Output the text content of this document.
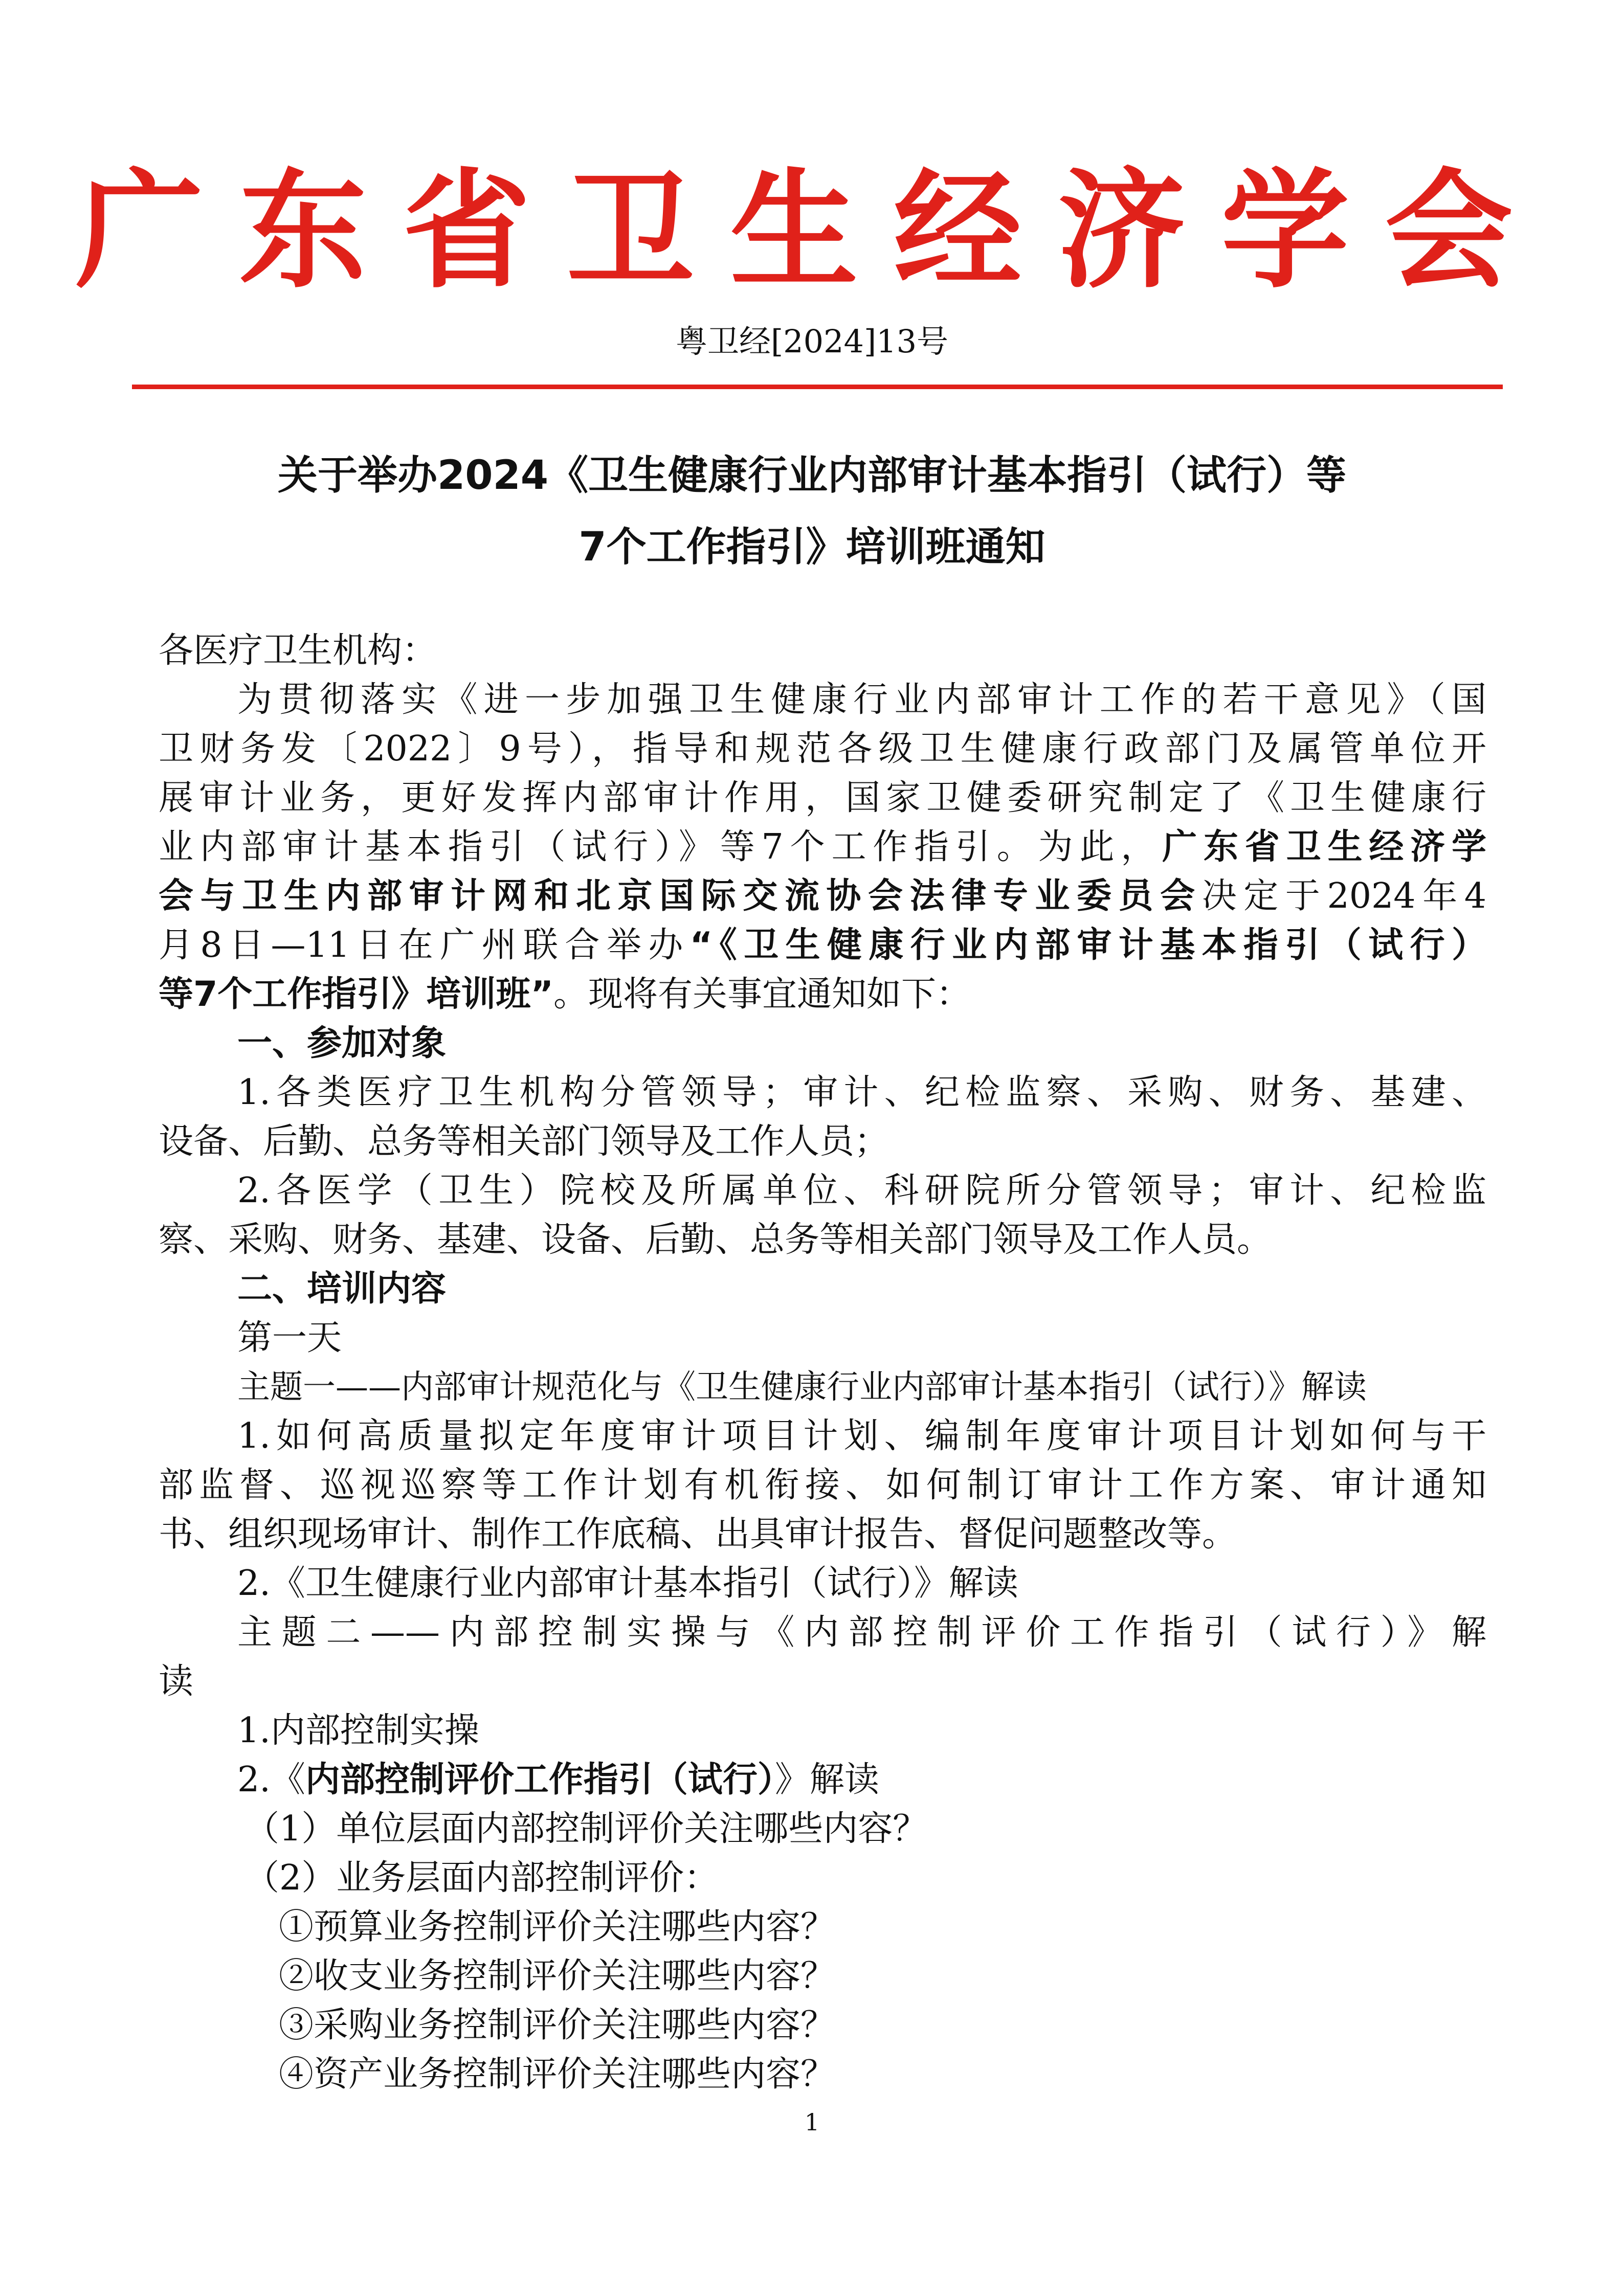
广东省卫生经济学会
粤卫经[2024]13号
关于举办2024《卫生健康行业内部审计基本指引（试行）等
7个工作指引》培训班通知
各医疗卫生机构：
为贯彻落实《进一步加强卫生健康行业内部审计工作的若干意见》（国
卫财务发〔2022〕9号），指导和规范各级卫生健康行政部门及属管单位开
展审计业务，更好发挥内部审计作用，国家卫健委研究制定了《卫生健康行
业内部审计基本指引（试行）》等7个工作指引。为此，广东省卫生经济学
会与卫生内部审计网和北京国际交流协会法律专业委员会决定于2024年4
月8日—11日在广州联合举办“《卫生健康行业内部审计基本指引（试行）
等7个工作指引》培训班”。现将有关事宜通知如下：
一、参加对象
1.各类医疗卫生机构分管领导；审计、纪检监察、采购、财务、基建、
设备、后勤、总务等相关部门领导及工作人员；
2.各医学（卫生）院校及所属单位、科研院所分管领导；审计、纪检监
察、采购、财务、基建、设备、后勤、总务等相关部门领导及工作人员。
二、培训内容
第一天
主题一——内部审计规范化与《卫生健康行业内部审计基本指引（试行）》解读
1.如何高质量拟定年度审计项目计划、编制年度审计项目计划如何与干
部监督、巡视巡察等工作计划有机衔接、如何制订审计工作方案、审计通知
书、组织现场审计、制作工作底稿、出具审计报告、督促问题整改等。
2.《卫生健康行业内部审计基本指引（试行）》解读
主题二——内部控制实操与《内部控制评价工作指引（试行）》解
读
1.内部控制实操
2.《内部控制评价工作指引（试行）》解读
（1）单位层面内部控制评价关注哪些内容？
（2）业务层面内部控制评价：
①预算业务控制评价关注哪些内容？
②收支业务控制评价关注哪些内容？
③采购业务控制评价关注哪些内容？
④资产业务控制评价关注哪些内容？
1
